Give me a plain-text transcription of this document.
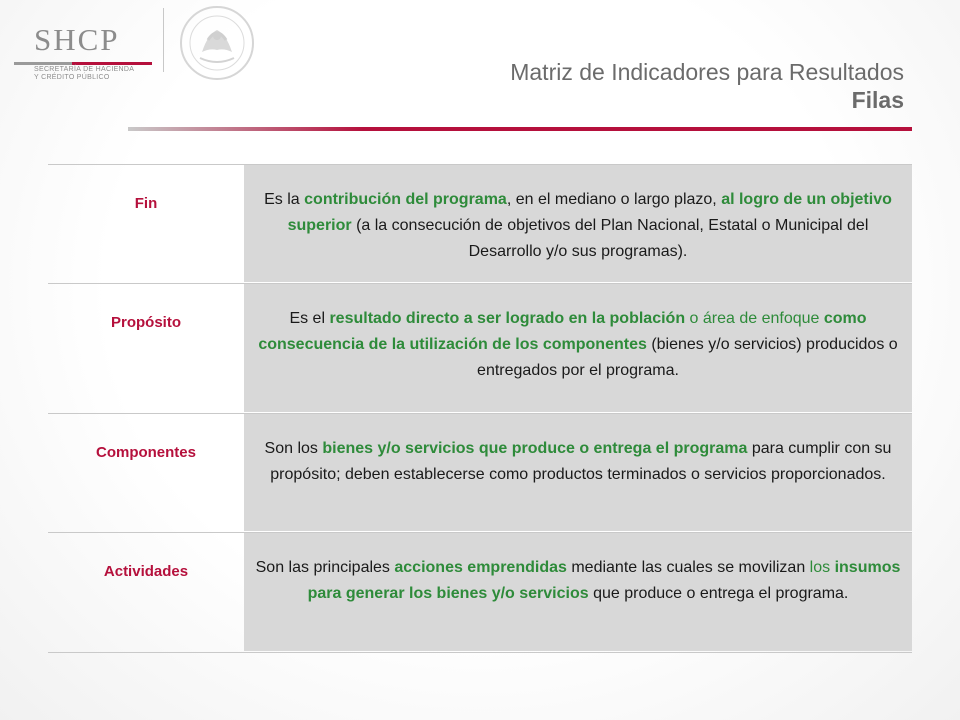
SHCP
SECRETARÍA DE HACIENDA
Y CRÉDITO PÚBLICO	Matriz de Indicadores para Resultados
Filas
Fin	Es la contribución del programa, en el mediano o largo plazo, al logro de un objetivo superior (a la consecución de objetivos del Plan Nacional, Estatal o Municipal del Desarrollo y/o sus programas).
Propósito	Es el resultado directo a ser logrado en la población o área de enfoque como consecuencia de la utilización de los componentes (bienes y/o servicios) producidos o entregados por el programa.
Componentes	Son los bienes y/o servicios que produce o entrega el programa para cumplir con su propósito; deben establecerse como productos terminados o servicios proporcionados.
Actividades	Son las principales acciones emprendidas mediante las cuales se movilizan los insumos para generar los bienes y/o servicios que produce o entrega el programa.
